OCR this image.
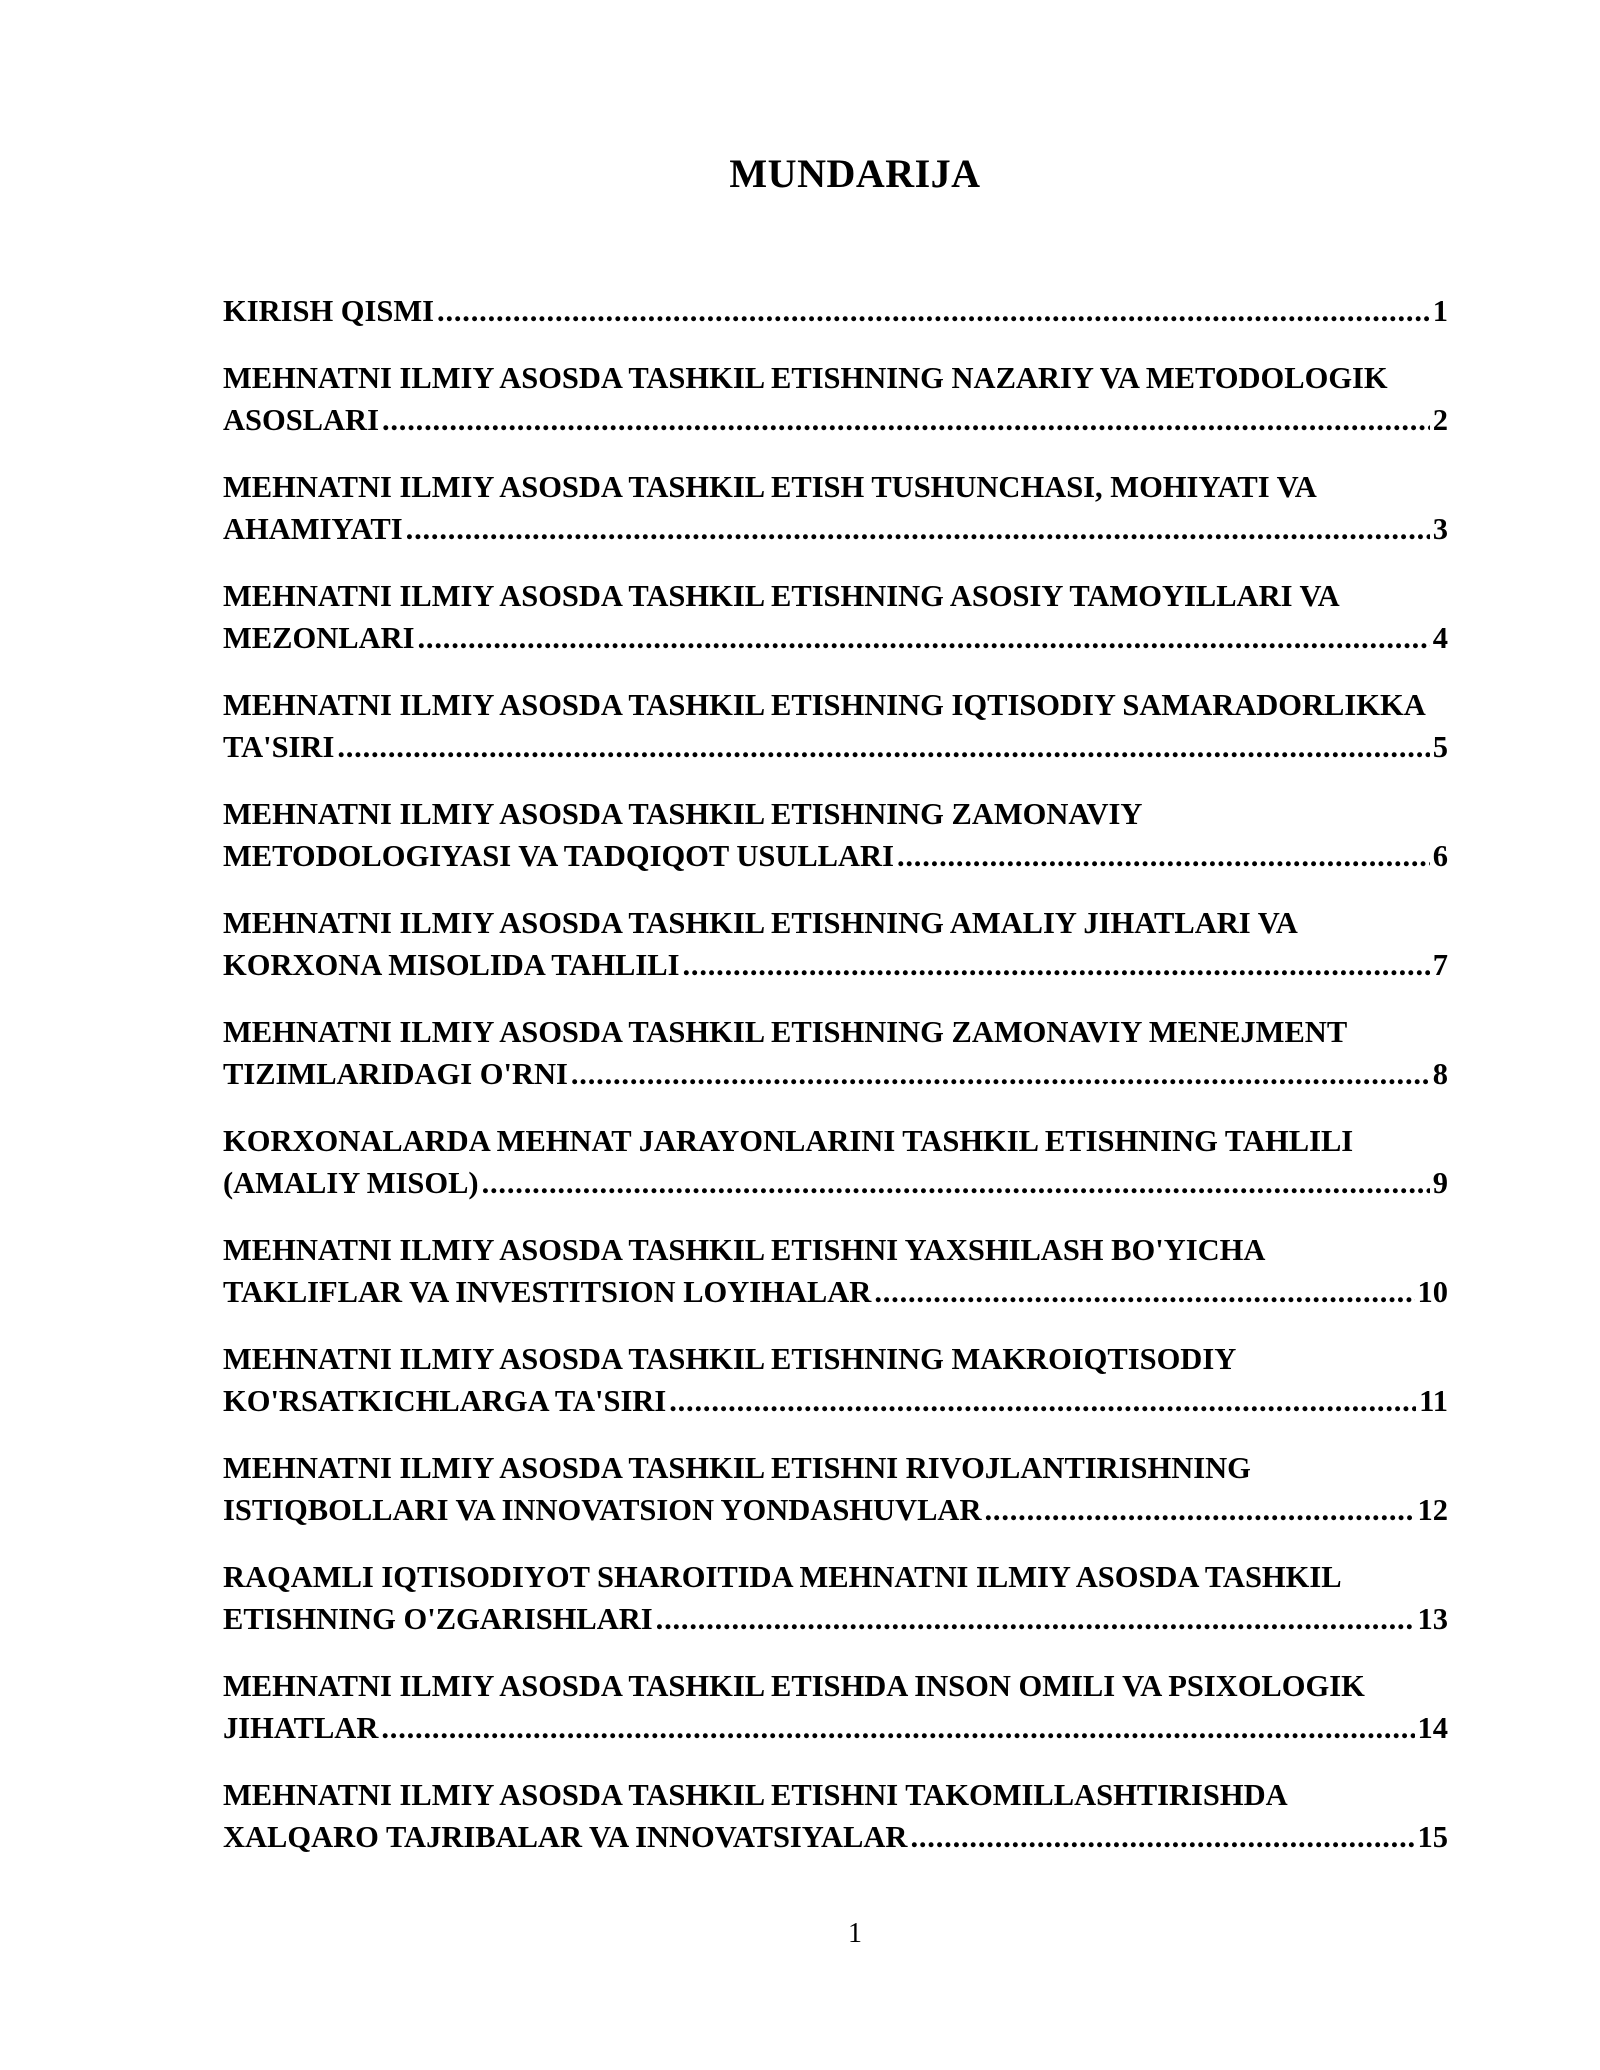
MUNDARIJA
KIRISH QISMI .....	1
MEHNATNI ILMIY ASOSDA TASHKIL ETISHNING NAZARIY VA METODOLOGIK
ASOSLARI .....	2
MEHNATNI ILMIY ASOSDA TASHKIL ETISH TUSHUNCHASI, MOHIYATI VA
AHAMIYATI .....	3
MEHNATNI ILMIY ASOSDA TASHKIL ETISHNING ASOSIY TAMOYILLARI VA
MEZONLARI .....	4
MEHNATNI ILMIY ASOSDA TASHKIL ETISHNING IQTISODIY SAMARADORLIKKA
TA'SIRI .....	5
MEHNATNI ILMIY ASOSDA TASHKIL ETISHNING ZAMONAVIY
METODOLOGIYASI VA TADQIQOT USULLARI .....	6
MEHNATNI ILMIY ASOSDA TASHKIL ETISHNING AMALIY JIHATLARI VA
KORXONA MISOLIDA TAHLILI .....	7
MEHNATNI ILMIY ASOSDA TASHKIL ETISHNING ZAMONAVIY MENEJMENT
TIZIMLARIDAGI O'RNI .....	8
KORXONALARDA MEHNAT JARAYONLARINI TASHKIL ETISHNING TAHLILI
(AMALIY MISOL) .....	9
MEHNATNI ILMIY ASOSDA TASHKIL ETISHNI YAXSHILASH BO'YICHA
TAKLIFLAR VA INVESTITSION LOYIHALAR .....	10
MEHNATNI ILMIY ASOSDA TASHKIL ETISHNING MAKROIQTISODIY
KO'RSATKICHLARGA TA'SIRI .....	11
MEHNATNI ILMIY ASOSDA TASHKIL ETISHNI RIVOJLANTIRISHNING
ISTIQBOLLARI VA INNOVATSION YONDASHUVLAR .....	12
RAQAMLI IQTISODIYOT SHAROITIDA MEHNATNI ILMIY ASOSDA TASHKIL
ETISHNING O'ZGARISHLARI .....	13
MEHNATNI ILMIY ASOSDA TASHKIL ETISHDA INSON OMILI VA PSIXOLOGIK
JIHATLAR .....	14
MEHNATNI ILMIY ASOSDA TASHKIL ETISHNI TAKOMILLASHTIRISHDA
XALQARO TAJRIBALAR VA INNOVATSIYALAR .....	15
1
